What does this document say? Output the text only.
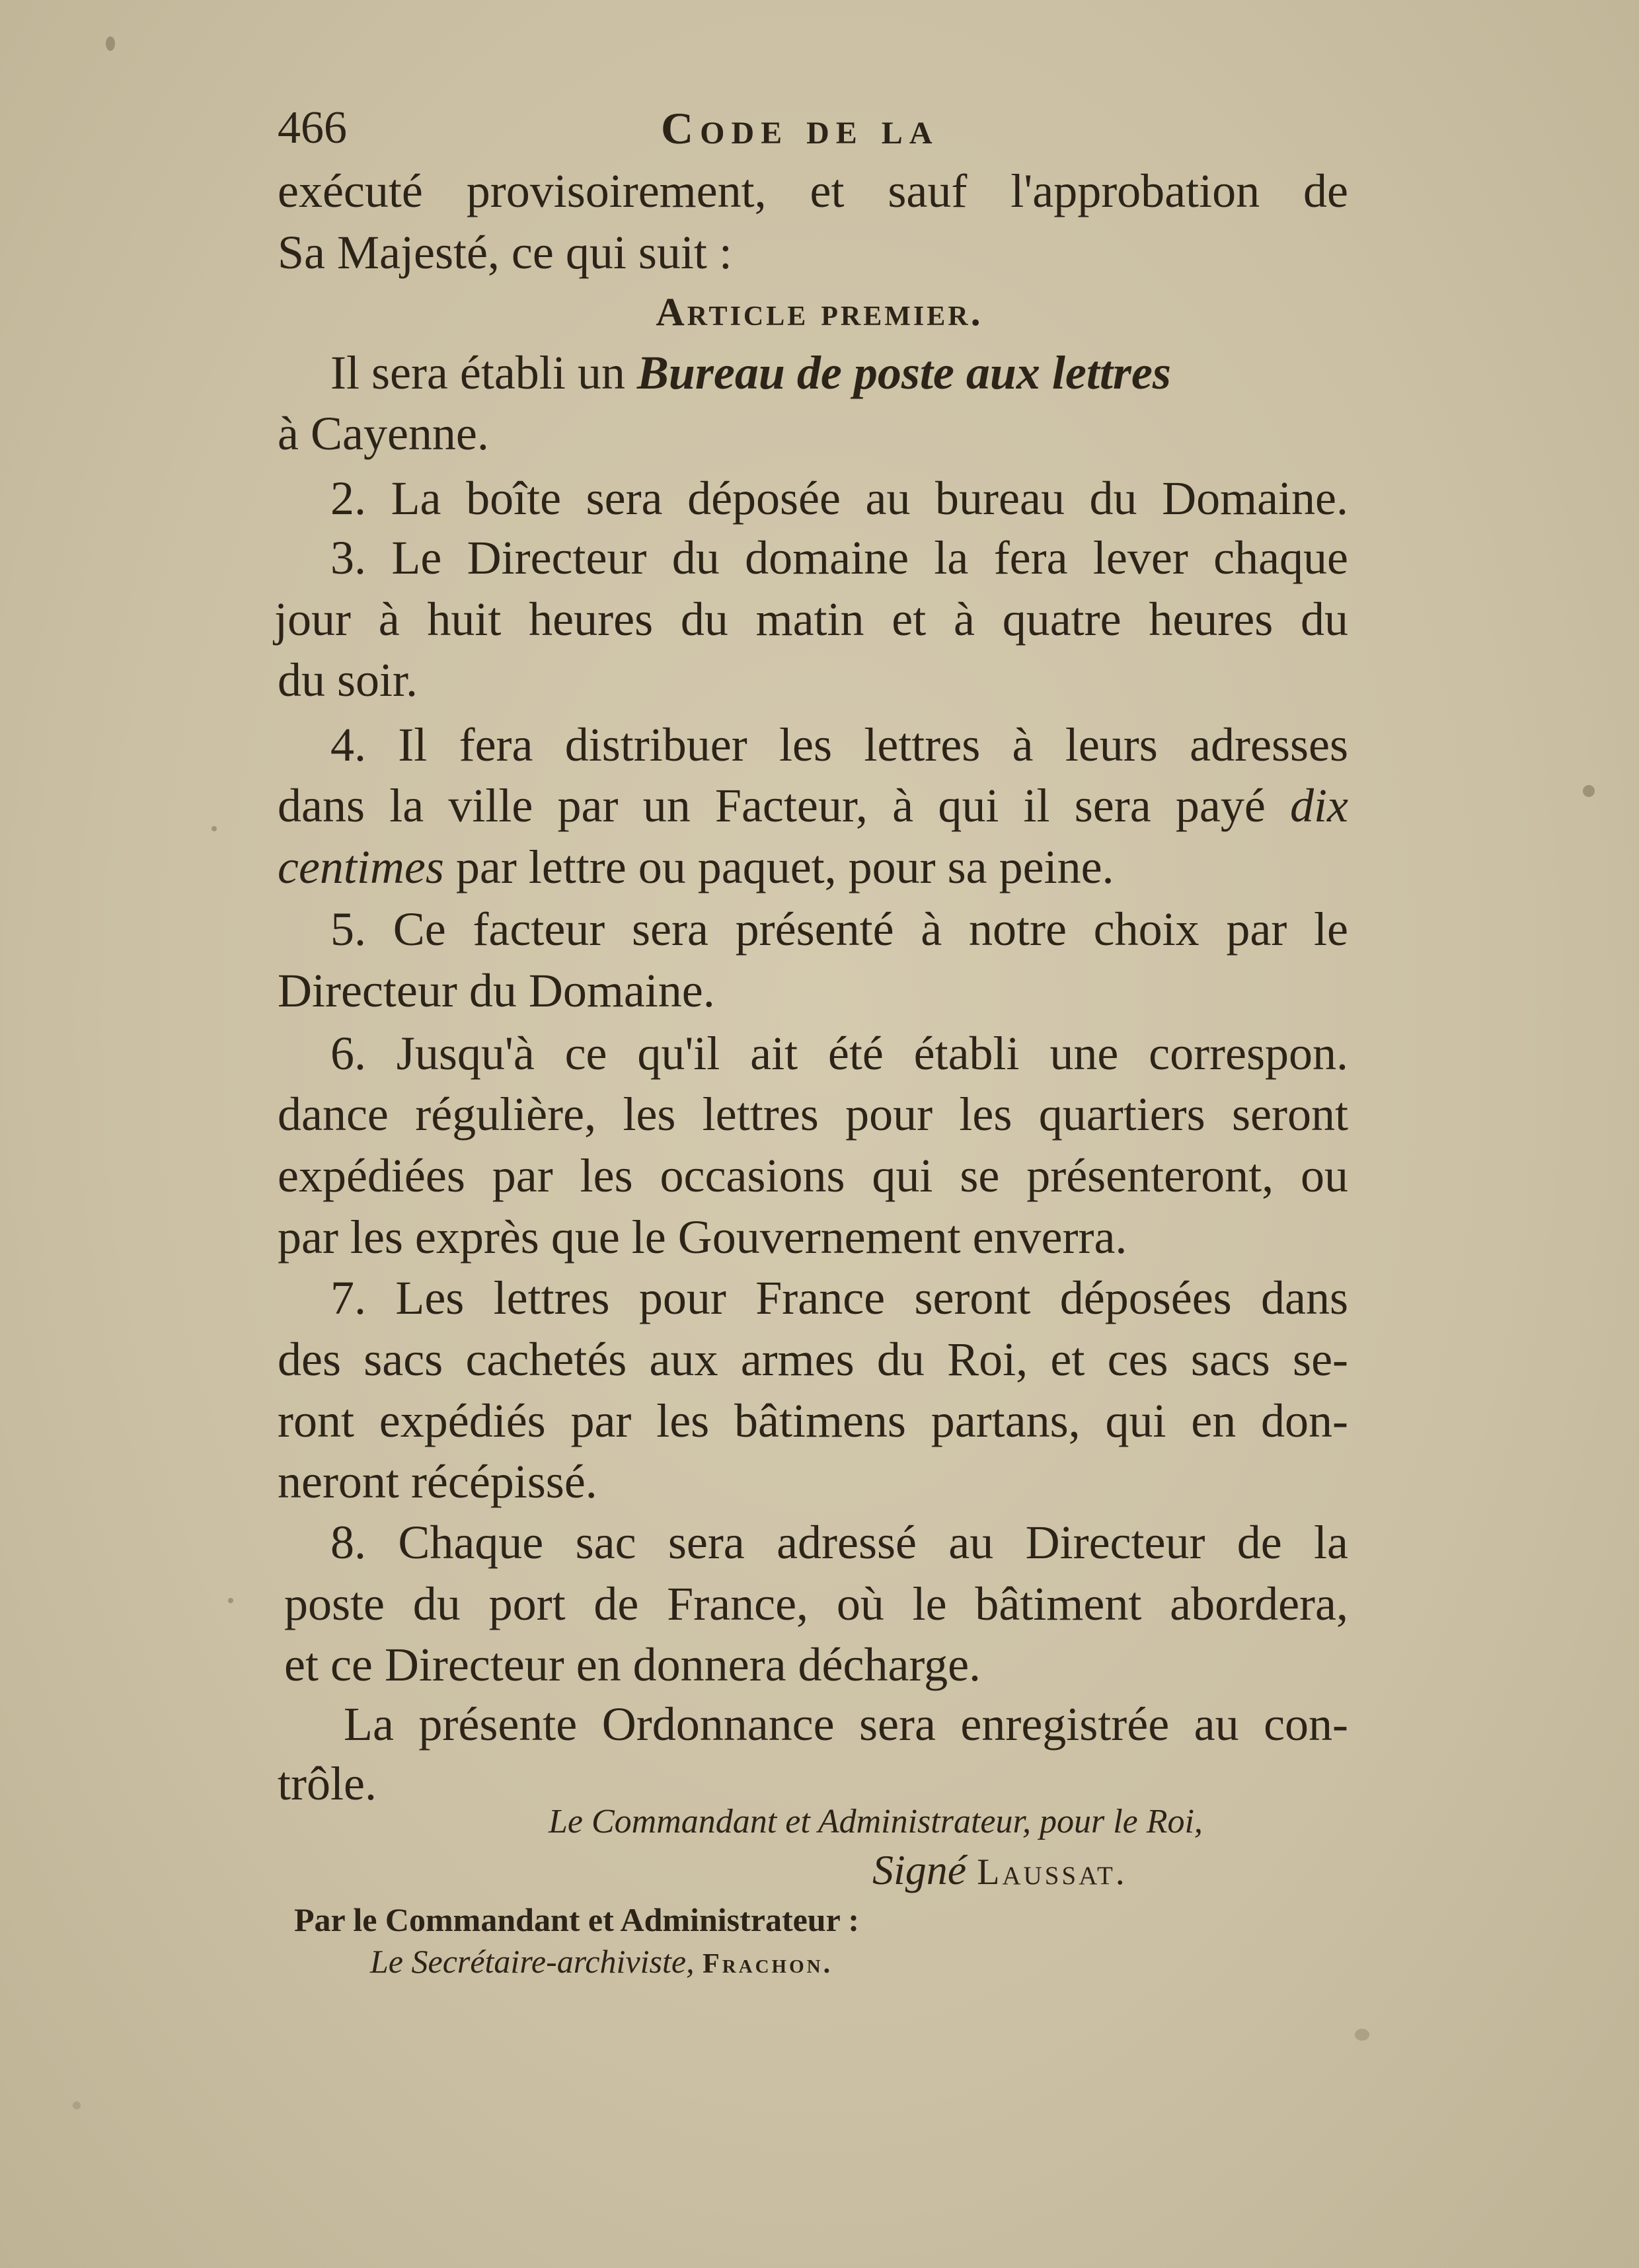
466	Code de la
exécuté provisoirement, et sauf l'approbation de
Sa Majesté, ce qui suit :
Article premier.
Il sera établi un Bureau de poste aux lettres
à Cayenne.
2. La boîte sera déposée au bureau du Domaine.
3. Le Directeur du domaine la fera lever chaque
jour à huit heures du matin et à quatre heures du
du soir.
4. Il fera distribuer les lettres à leurs adresses
dans la ville par un Facteur, à qui il sera payé dix
centimes par lettre ou paquet, pour sa peine.
5. Ce facteur sera présenté à notre choix par le
Directeur du Domaine.
6. Jusqu'à ce qu'il ait été établi une correspon.
dance régulière, les lettres pour les quartiers seront
expédiées par les occasions qui se présenteront, ou
par les exprès que le Gouvernement enverra.
7. Les lettres pour France seront déposées dans
des sacs cachetés aux armes du Roi, et ces sacs se-
ront expédiés par les bâtimens partans, qui en don-
neront récépissé.
8. Chaque sac sera adressé au Directeur de la
poste du port de France, où le bâtiment abordera,
et ce Directeur en donnera décharge.
La présente Ordonnance sera enregistrée au con-
trôle.
Le Commandant et Administrateur, pour le Roi,
Signé Laussat.
Par le Commandant et Administrateur :
Le Secrétaire-archiviste, Frachon.
